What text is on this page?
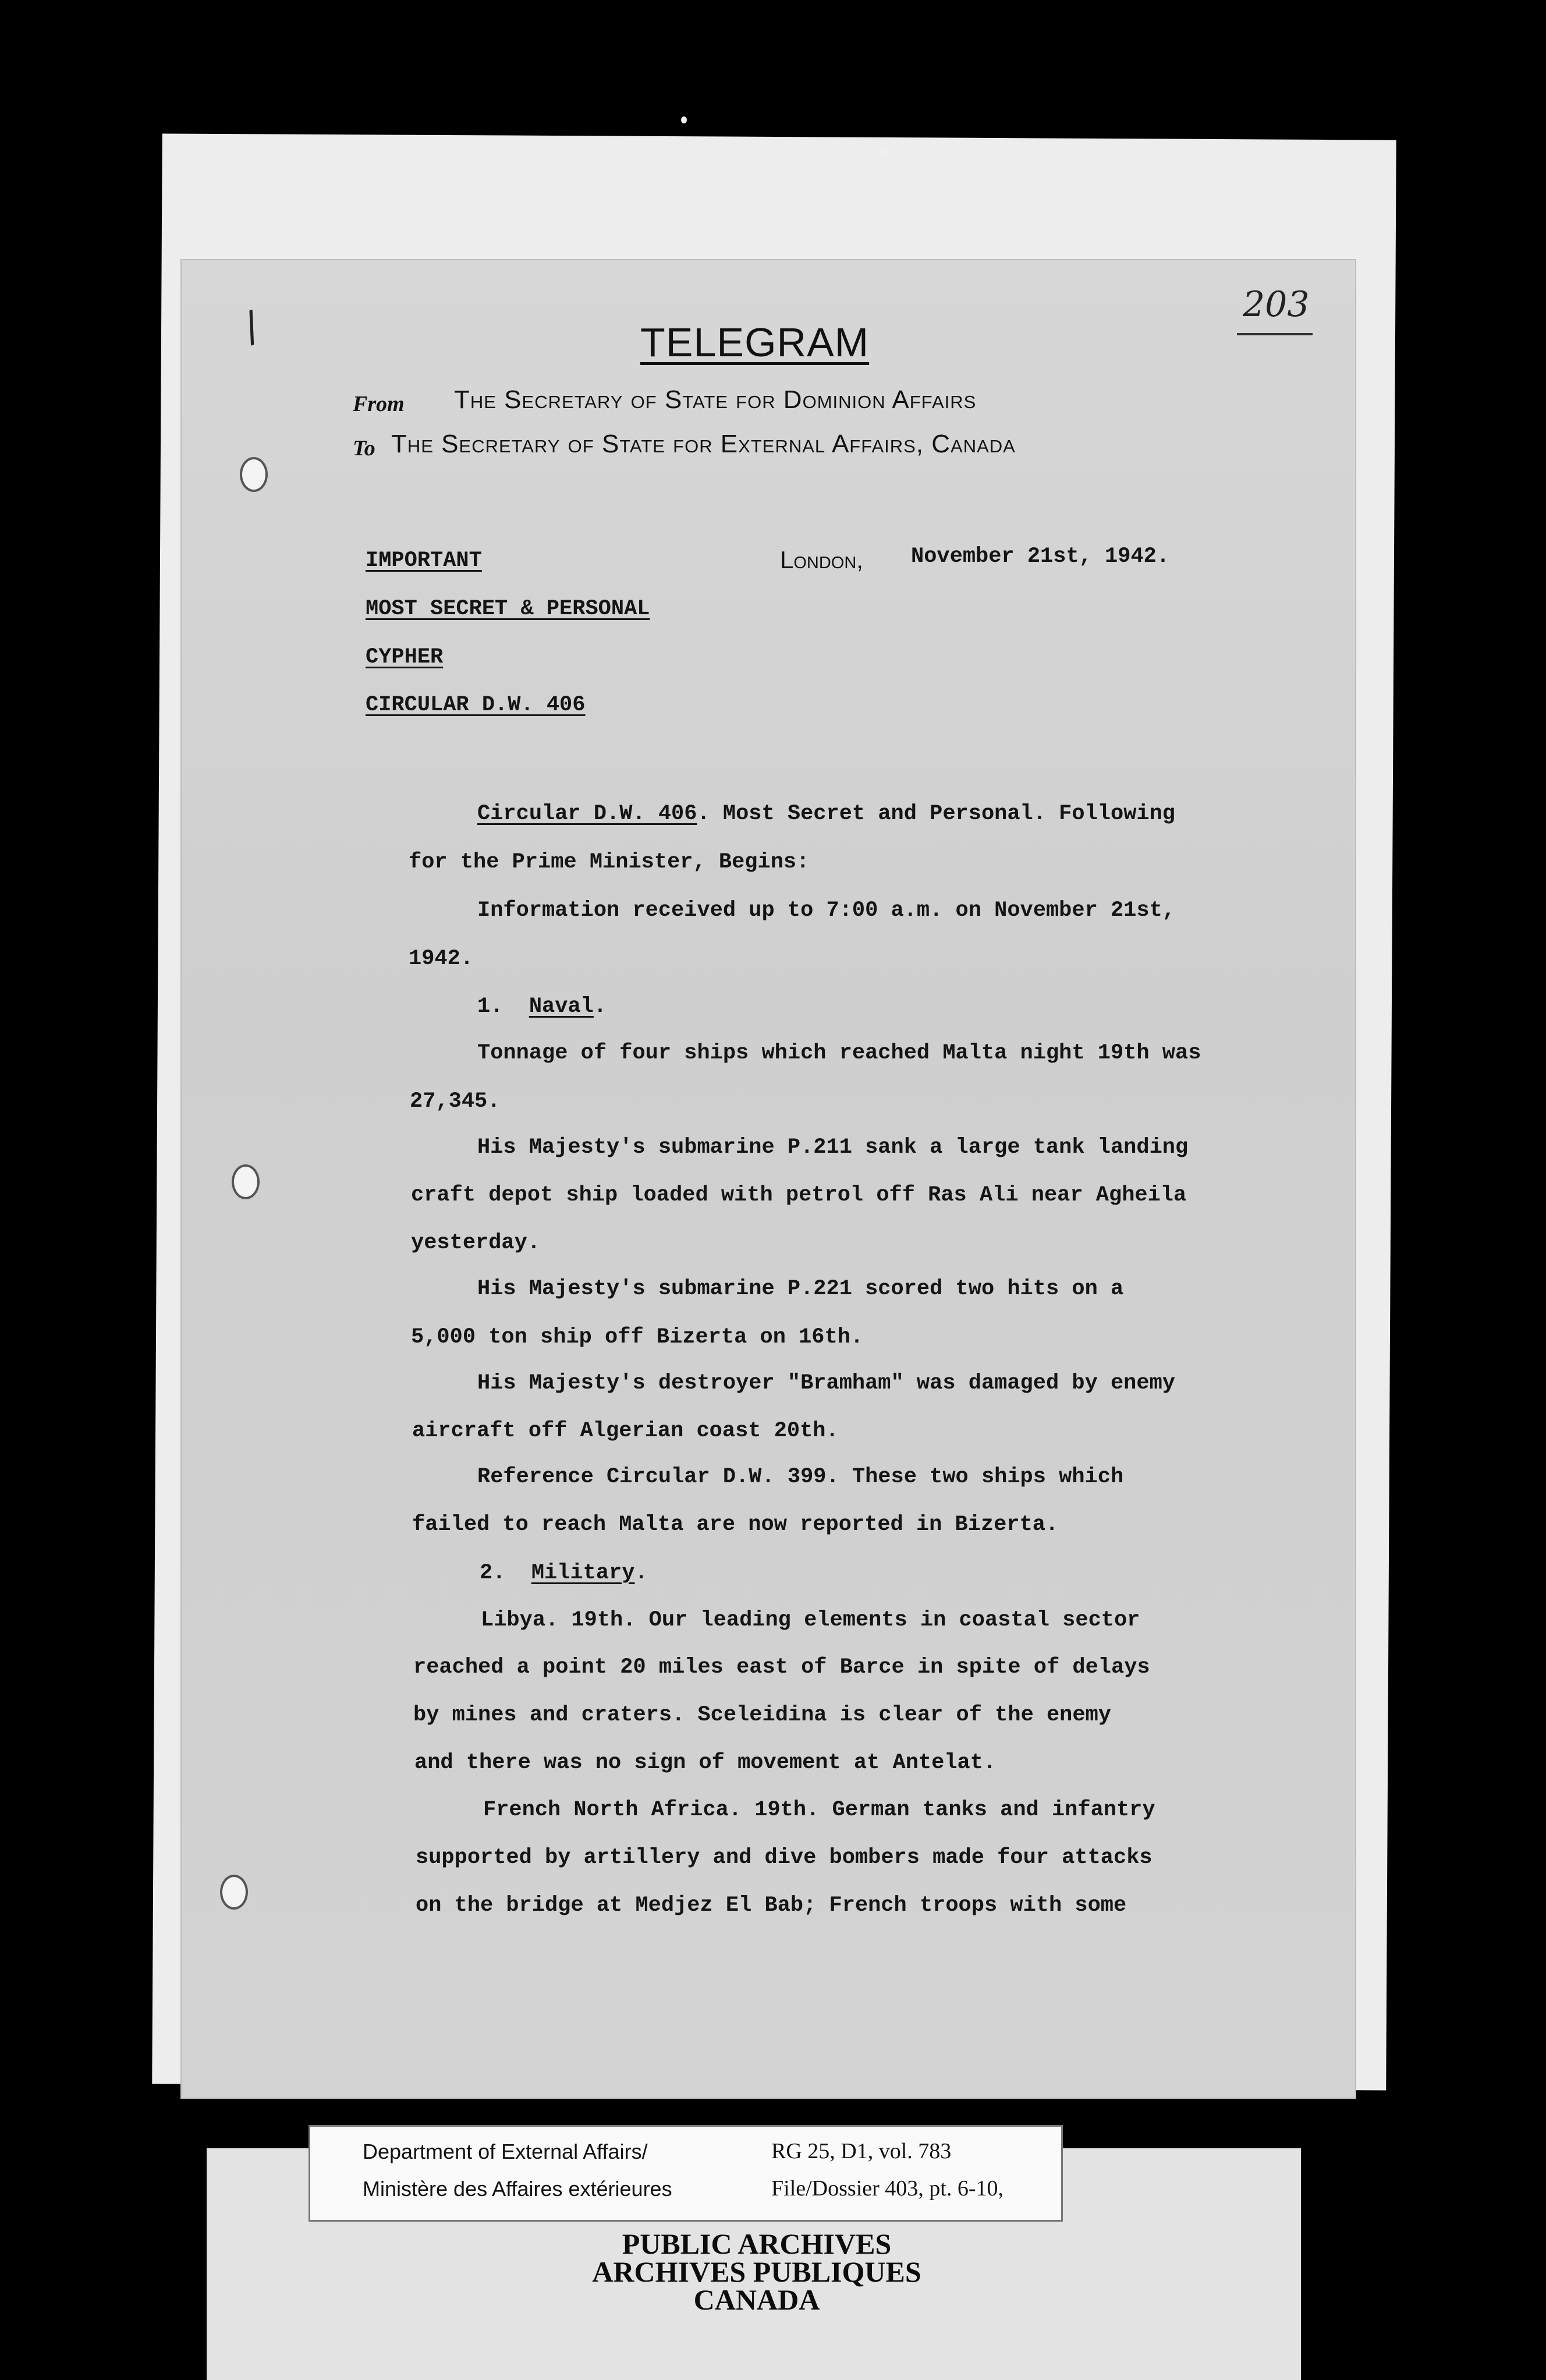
/	203
TELEGRAM
From The Secretary of State for Dominion Affairs
To The Secretary of State for External Affairs, Canada
IMPORTANT
MOST SECRET & PERSONAL
CYPHER
CIRCULAR D.W. 406
London, November 21st, 1942.
Circular D.W. 406. Most Secret and Personal. Following
for the Prime Minister, Begins:
Information received up to 7:00 a.m. on November 21st,
1942.
1. Naval.
Tonnage of four ships which reached Malta night 19th was
27,345.
His Majesty's submarine P.211 sank a large tank landing
craft depot ship loaded with petrol off Ras Ali near Agheila
yesterday.
His Majesty's submarine P.221 scored two hits on a
5,000 ton ship off Bizerta on 16th.
His Majesty's destroyer "Bramham" was damaged by enemy
aircraft off Algerian coast 20th.
Reference Circular D.W. 399. These two ships which
failed to reach Malta are now reported in Bizerta.
2. Military.
Libya. 19th. Our leading elements in coastal sector
reached a point 20 miles east of Barce in spite of delays
by mines and craters. Sceleidina is clear of the enemy
and there was no sign of movement at Antelat.
French North Africa. 19th. German tanks and infantry
supported by artillery and dive bombers made four attacks
on the bridge at Medjez El Bab; French troops with some
Department of External Affairs/
Ministère des Affaires extérieures
RG 25, D1, vol. 783
File/Dossier 403, pt. 6-10,
PUBLIC ARCHIVES
ARCHIVES PUBLIQUES
CANADA
